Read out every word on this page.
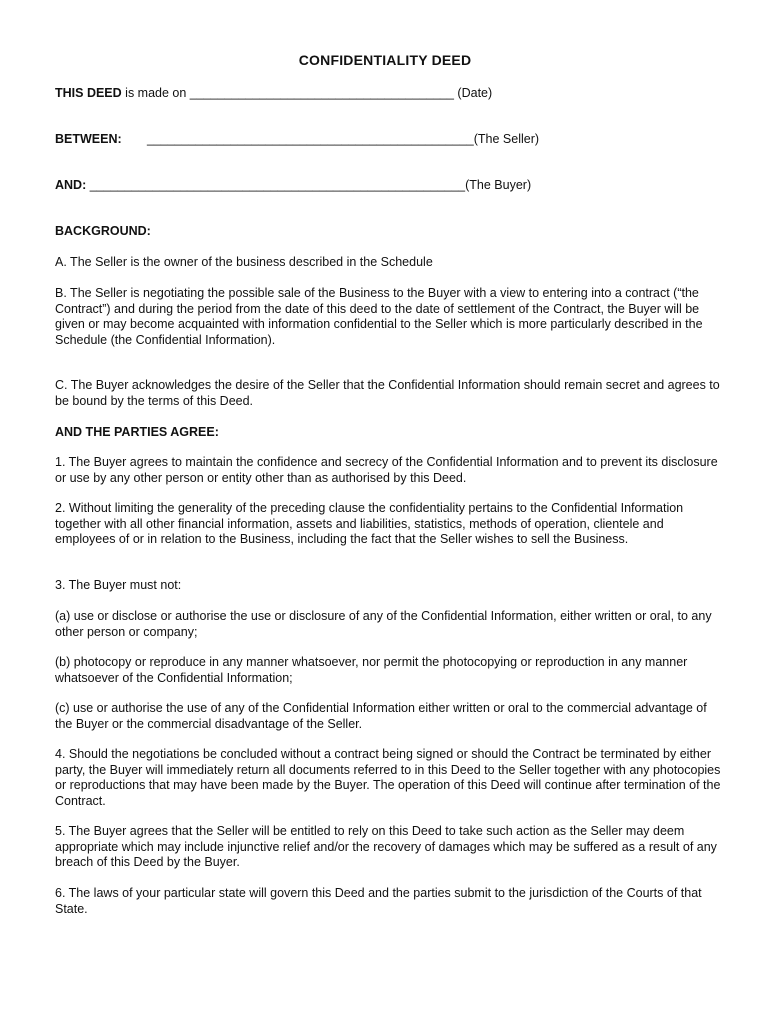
CONFIDENTIALITY DEED
THIS DEED is made on ______________________________________ (Date)
BETWEEN: _______________________________________________(The Seller)
AND: ______________________________________________________(The Buyer)
BACKGROUND:
A. The Seller is the owner of the business described in the Schedule
B. The Seller is negotiating the possible sale of the Business to the Buyer with a view to entering into a contract (“the Contract”) and during the period from the date of this deed to the date of settlement of the Contract, the Buyer will be given or may become acquainted with information confidential to the Seller which is more particularly described in the Schedule (the Confidential Information).
C. The Buyer acknowledges the desire of the Seller that the Confidential Information should remain secret and agrees to be bound by the terms of this Deed.
AND THE PARTIES AGREE:
1. The Buyer agrees to maintain the confidence and secrecy of the Confidential Information and to prevent its disclosure or use by any other person or entity other than as authorised by this Deed.
2. Without limiting the generality of the preceding clause the confidentiality pertains to the Confidential Information together with all other financial information, assets and liabilities, statistics, methods of operation, clientele and employees of or in relation to the Business, including the fact that the Seller wishes to sell the Business.
3. The Buyer must not:
(a) use or disclose or authorise the use or disclosure of any of the Confidential Information, either written or oral, to any other person or company;
(b) photocopy or reproduce in any manner whatsoever, nor permit the photocopying or reproduction in any manner whatsoever of the Confidential Information;
(c) use or authorise the use of any of the Confidential Information either written or oral to the commercial advantage of the Buyer or the commercial disadvantage of the Seller.
4. Should the negotiations be concluded without a contract being signed or should the Contract be terminated by either party, the Buyer will immediately return all documents referred to in this Deed to the Seller together with any photocopies or reproductions that may have been made by the Buyer. The operation of this Deed will continue after termination of the Contract.
5. The Buyer agrees that the Seller will be entitled to rely on this Deed to take such action as the Seller may deem appropriate which may include injunctive relief and/or the recovery of damages which may be suffered as a result of any breach of this Deed by the Buyer.
6. The laws of your particular state will govern this Deed and the parties submit to the jurisdiction of the Courts of that State.
